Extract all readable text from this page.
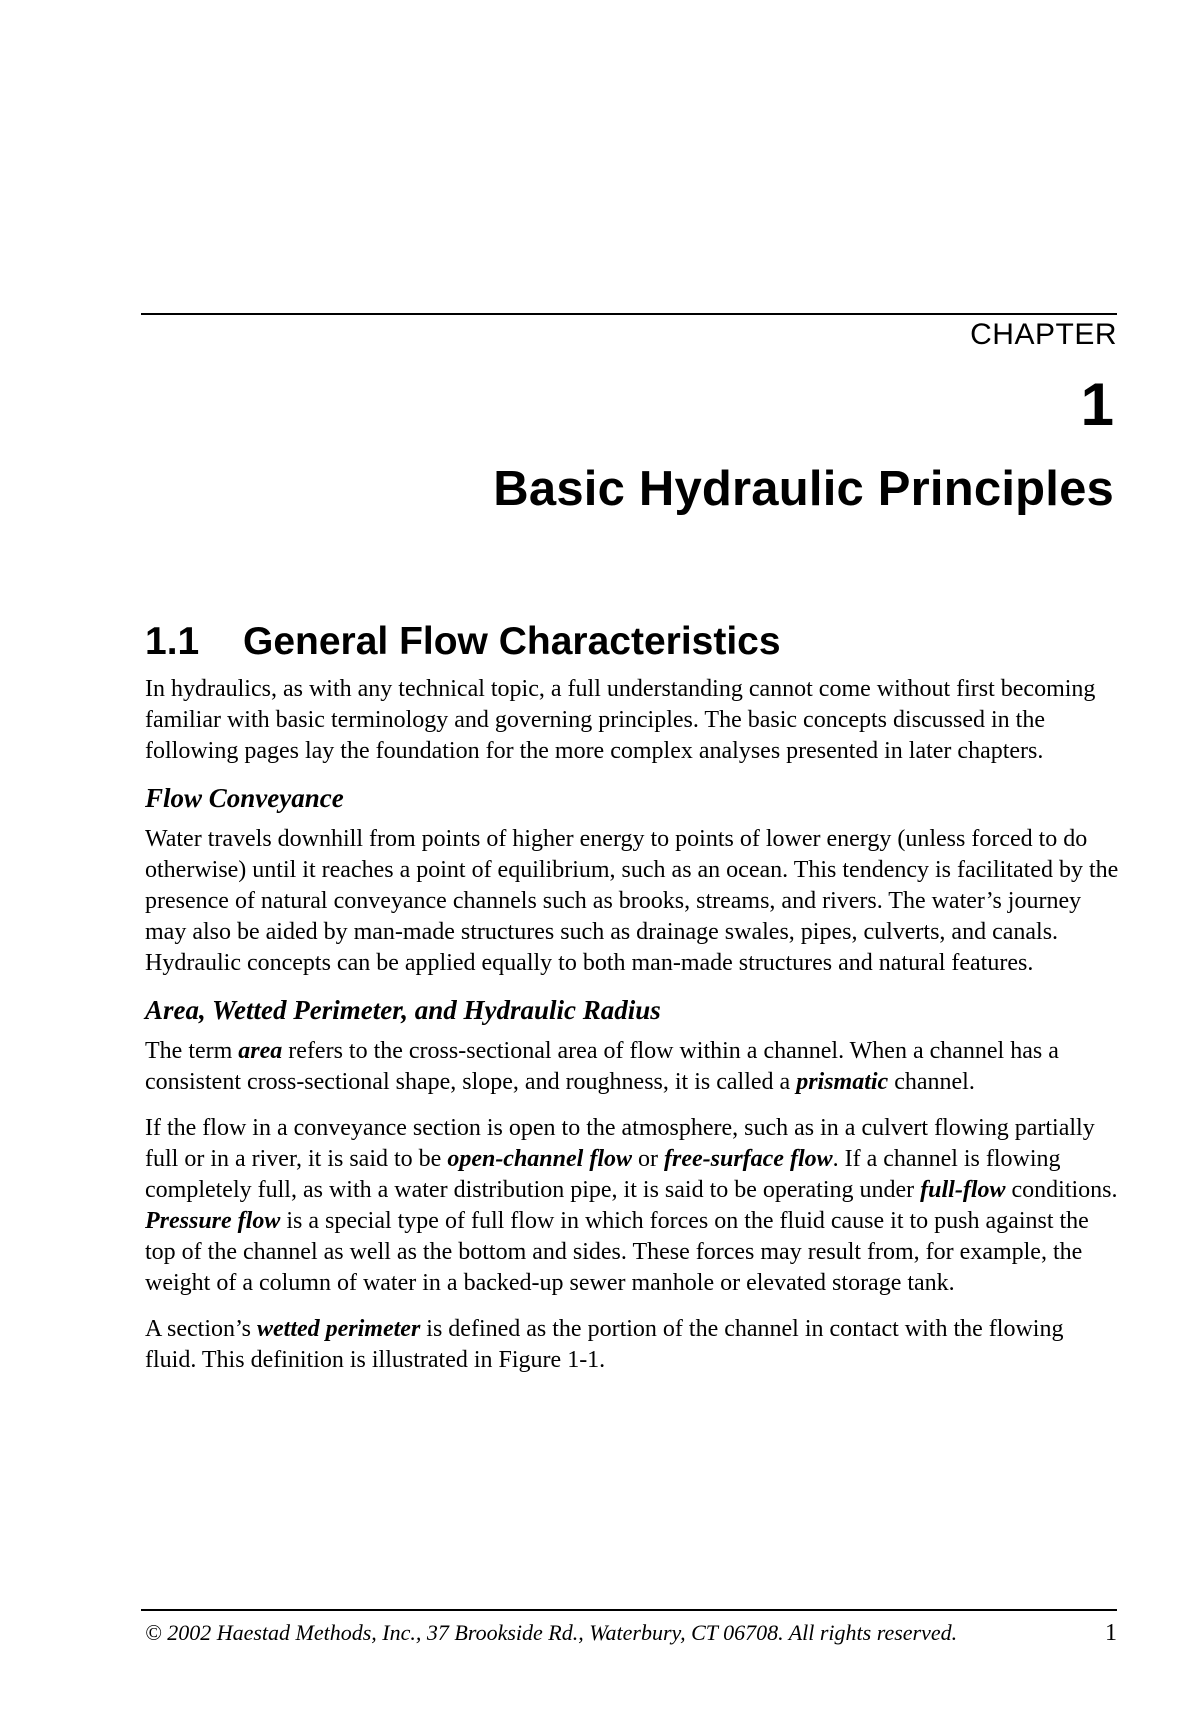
CHAPTER
1
Basic Hydraulic Principles
1.1 General Flow Characteristics

In hydraulics, as with any technical topic, a full understanding cannot come without first becoming familiar with basic terminology and governing principles. The basic concepts discussed in the following pages lay the foundation for the more complex analyses presented in later chapters.

Flow Conveyance

Water travels downhill from points of higher energy to points of lower energy (unless forced to do otherwise) until it reaches a point of equilibrium, such as an ocean. This tendency is facilitated by the presence of natural conveyance channels such as brooks, streams, and rivers. The water’s journey may also be aided by man-made structures such as drainage swales, pipes, culverts, and canals. Hydraulic concepts can be applied equally to both man-made structures and natural features.

Area, Wetted Perimeter, and Hydraulic Radius

The term area refers to the cross-sectional area of flow within a channel. When a channel has a consistent cross-sectional shape, slope, and roughness, it is called a prismatic channel.

If the flow in a conveyance section is open to the atmosphere, such as in a culvert flowing partially full or in a river, it is said to be open-channel flow or free-surface flow. If a channel is flowing completely full, as with a water distribution pipe, it is said to be operating under full-flow conditions. Pressure flow is a special type of full flow in which forces on the fluid cause it to push against the top of the channel as well as the bottom and sides. These forces may result from, for example, the weight of a column of water in a backed-up sewer manhole or elevated storage tank.

A section’s wetted perimeter is defined as the portion of the channel in contact with the flowing fluid. This definition is illustrated in Figure 1-1.

© 2002 Haestad Methods, Inc., 37 Brookside Rd., Waterbury, CT 06708. All rights reserved.	1
